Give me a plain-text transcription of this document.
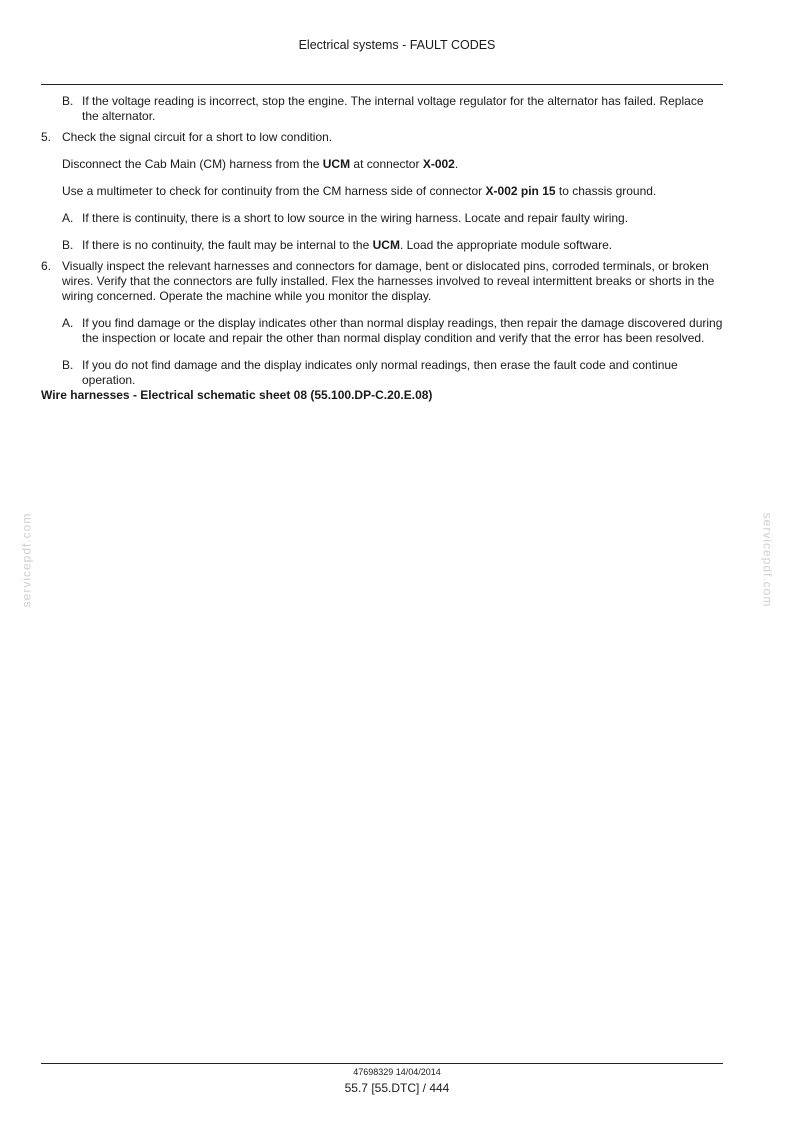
Electrical systems - FAULT CODES
B. If the voltage reading is incorrect, stop the engine. The internal voltage regulator for the alternator has failed. Replace the alternator.
5. Check the signal circuit for a short to low condition.
Disconnect the Cab Main (CM) harness from the UCM at connector X-002.
Use a multimeter to check for continuity from the CM harness side of connector X-002 pin 15 to chassis ground.
A. If there is continuity, there is a short to low source in the wiring harness. Locate and repair faulty wiring.
B. If there is no continuity, the fault may be internal to the UCM. Load the appropriate module software.
6. Visually inspect the relevant harnesses and connectors for damage, bent or dislocated pins, corroded terminals, or broken wires. Verify that the connectors are fully installed. Flex the harnesses involved to reveal intermittent breaks or shorts in the wiring concerned. Operate the machine while you monitor the display.
A. If you find damage or the display indicates other than normal display readings, then repair the damage discovered during the inspection or locate and repair the other than normal display condition and verify that the error has been resolved.
B. If you do not find damage and the display indicates only normal readings, then erase the fault code and continue operation.
Wire harnesses - Electrical schematic sheet 08 (55.100.DP-C.20.E.08)
servicepdf.com	servicepdf.com
47698329 14/04/2014
55.7 [55.DTC] / 444
